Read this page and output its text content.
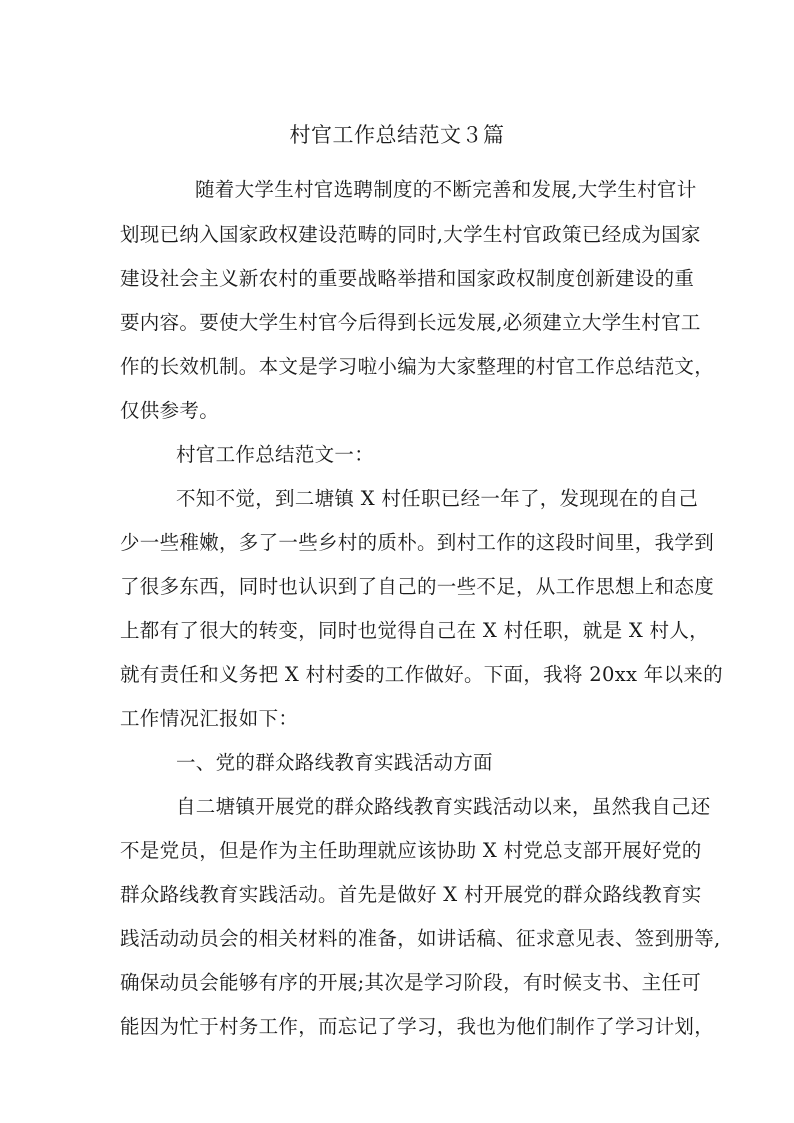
村官工作总结范文３篇
随着大学生村官选聘制度的不断完善和发展,大学生村官计
划现已纳入国家政权建设范畴的同时,大学生村官政策已经成为国家
建设社会主义新农村的重要战略举措和国家政权制度创新建设的重
要内容。要使大学生村官今后得到长远发展,必须建立大学生村官工
作的长效机制。本文是学习啦小编为大家整理的村官工作总结范文，
仅供参考。
村官工作总结范文一：
不知不觉，到二塘镇 X 村任职已经一年了，发现现在的自己
少一些稚嫩，多了一些乡村的质朴。到村工作的这段时间里，我学到
了很多东西，同时也认识到了自己的一些不足，从工作思想上和态度
上都有了很大的转变，同时也觉得自己在 X 村任职，就是 X 村人，
就有责任和义务把 X 村村委的工作做好。下面，我将 20xx 年以来的
工作情况汇报如下：
一、党的群众路线教育实践活动方面
自二塘镇开展党的群众路线教育实践活动以来，虽然我自己还
不是党员，但是作为主任助理就应该协助 X 村党总支部开展好党的
群众路线教育实践活动。首先是做好 X 村开展党的群众路线教育实
践活动动员会的相关材料的准备，如讲话稿、征求意见表、签到册等,
确保动员会能够有序的开展;其次是学习阶段，有时候支书、主任可
能因为忙于村务工作，而忘记了学习，我也为他们制作了学习计划，
